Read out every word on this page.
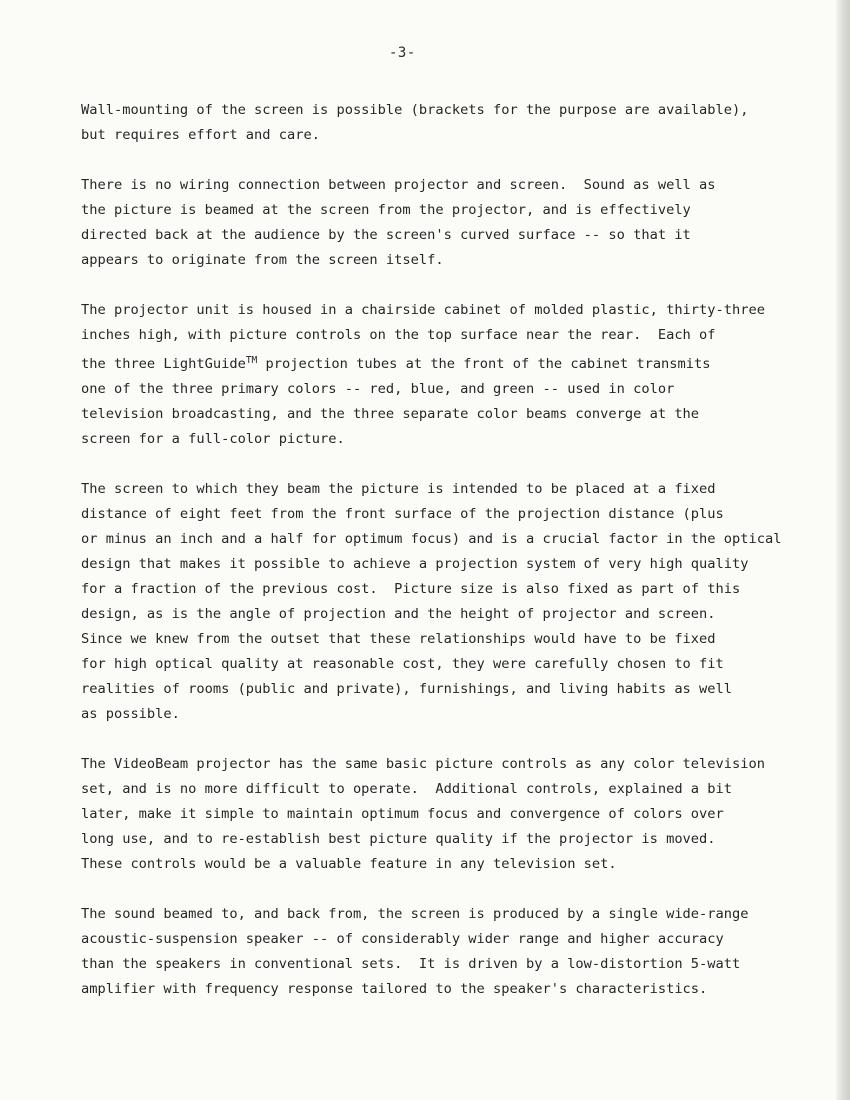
-3-

Wall-mounting of the screen is possible (brackets for the purpose are available),
but requires effort and care.

There is no wiring connection between projector and screen.  Sound as well as
the picture is beamed at the screen from the projector, and is effectively
directed back at the audience by the screen's curved surface -- so that it
appears to originate from the screen itself.

The projector unit is housed in a chairside cabinet of molded plastic, thirty-three
inches high, with picture controls on the top surface near the rear.  Each of
the three LightGuide™ projection tubes at the front of the cabinet transmits
one of the three primary colors -- red, blue, and green -- used in color
television broadcasting, and the three separate color beams converge at the
screen for a full-color picture.

The screen to which they beam the picture is intended to be placed at a fixed
distance of eight feet from the front surface of the projection distance (plus
or minus an inch and a half for optimum focus) and is a crucial factor in the optical
design that makes it possible to achieve a projection system of very high quality
for a fraction of the previous cost.  Picture size is also fixed as part of this
design, as is the angle of projection and the height of projector and screen.
Since we knew from the outset that these relationships would have to be fixed
for high optical quality at reasonable cost, they were carefully chosen to fit
realities of rooms (public and private), furnishings, and living habits as well
as possible.

The VideoBeam projector has the same basic picture controls as any color television
set, and is no more difficult to operate.  Additional controls, explained a bit
later, make it simple to maintain optimum focus and convergence of colors over
long use, and to re-establish best picture quality if the projector is moved.
These controls would be a valuable feature in any television set.

The sound beamed to, and back from, the screen is produced by a single wide-range
acoustic-suspension speaker -- of considerably wider range and higher accuracy
than the speakers in conventional sets.  It is driven by a low-distortion 5-watt
amplifier with frequency response tailored to the speaker's characteristics.
